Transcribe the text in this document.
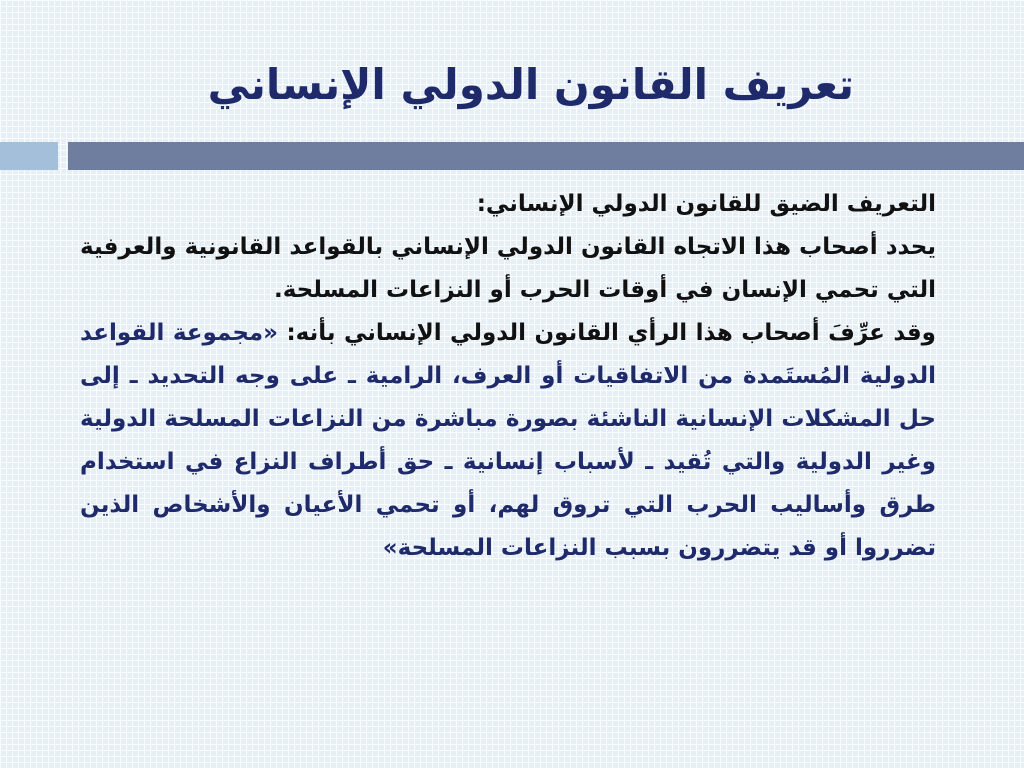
تعريف القانون الدولي الإنساني

التعريف الضيق للقانون الدولي الإنساني:

يحدد أصحاب هذا الاتجاه القانون الدولي الإنساني بالقواعد القانونية والعرفية التي تحمي الإنسان في أوقات الحرب أو النزاعات المسلحة.

وقد عرِّفَ أصحاب هذا الرأي القانون الدولي الإنساني بأنه: «مجموعة القواعد الدولية المُستَمدة من الاتفاقيات أو العرف، الرامية ـ على وجه التحديد ـ إلى حل المشكلات الإنسانية الناشئة بصورة مباشرة من النزاعات المسلحة الدولية وغير الدولية والتي تُقيد ـ لأسباب إنسانية ـ حق أطراف النزاع في استخدام طرق وأساليب الحرب التي تروق لهم، أو تحمي الأعيان والأشخاص الذين تضرروا أو قد يتضررون بسبب النزاعات المسلحة»
